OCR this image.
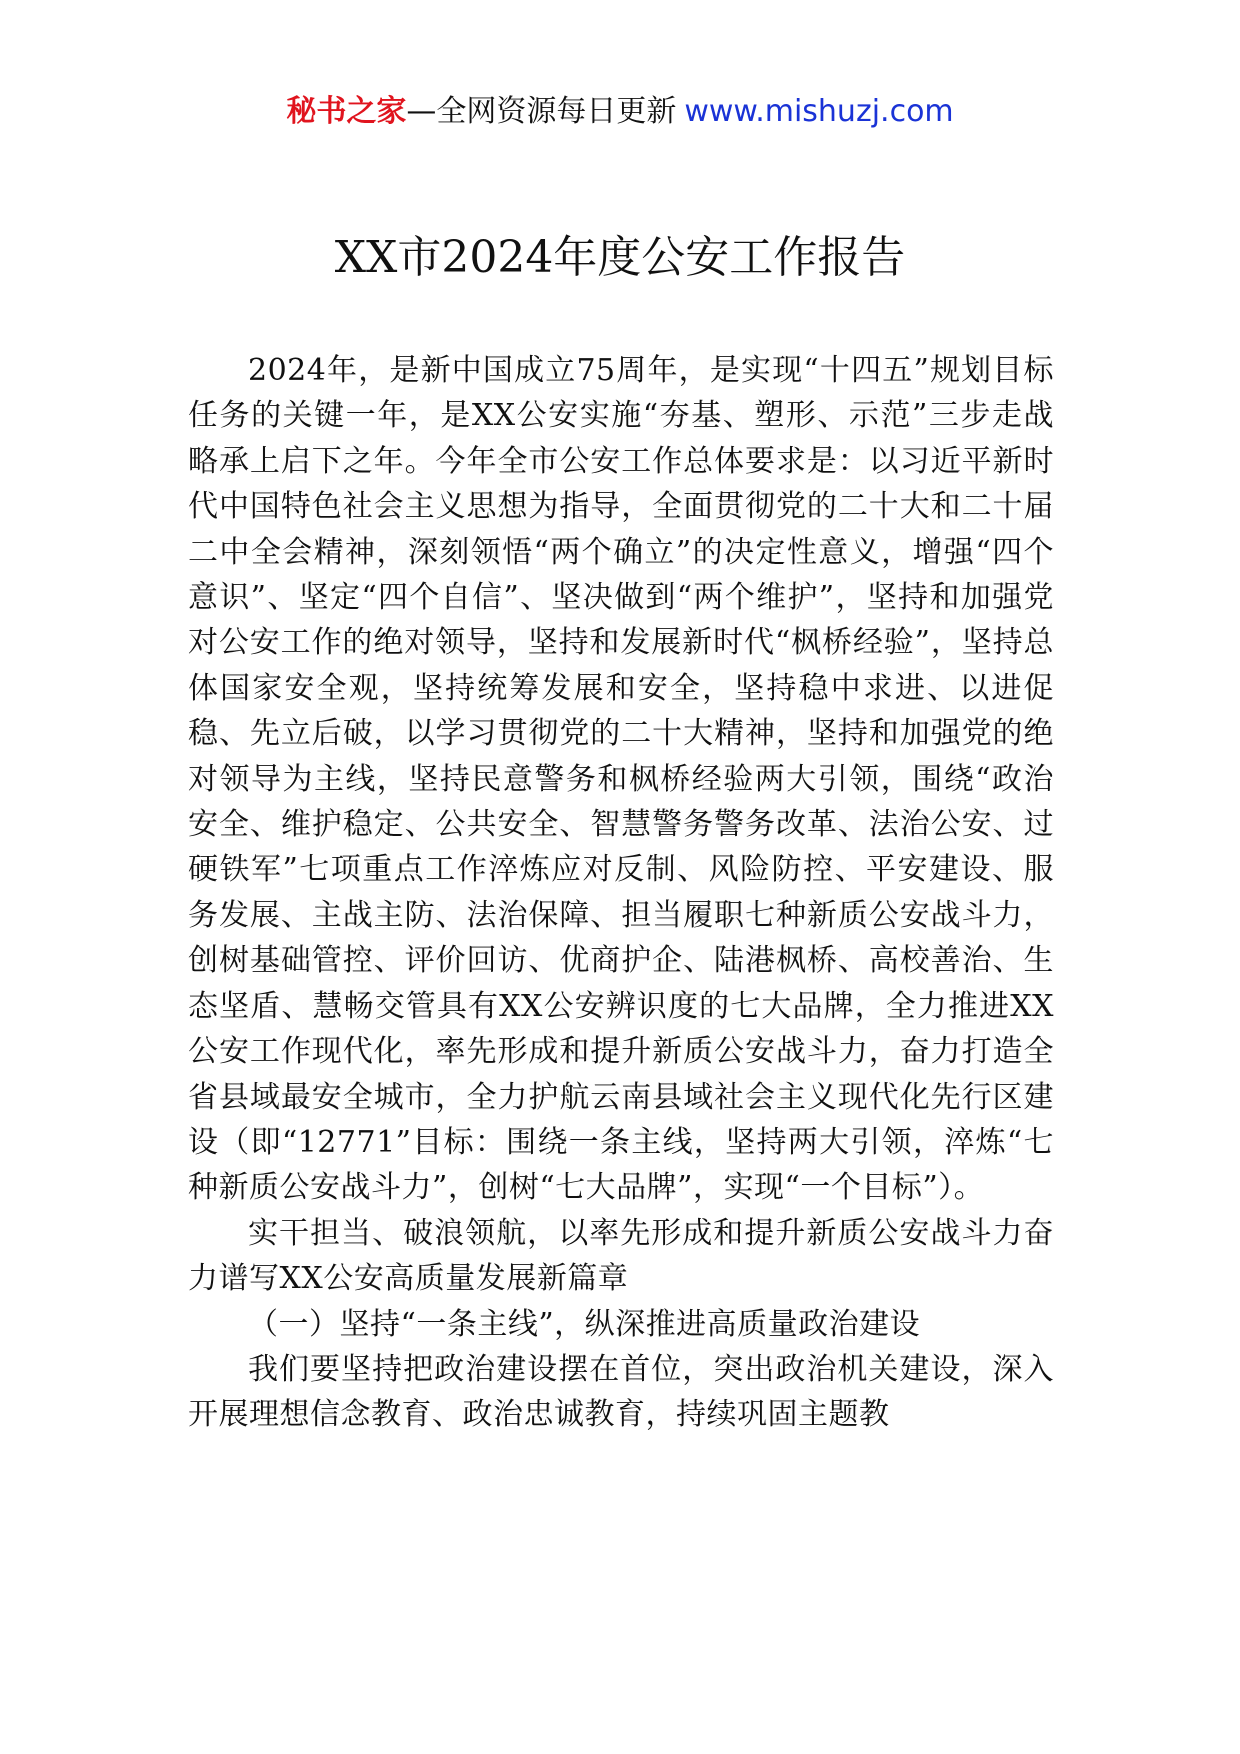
秘书之家—全网资源每日更新 www.mishuzj.com
XX市2024年度公安工作报告

2024年，是新中国成立75周年，是实现“十四五”规划目标任务的关键一年，是XX公安实施“夯基、塑形、示范”三步走战略承上启下之年。今年全市公安工作总体要求是：以习近平新时代中国特色社会主义思想为指导，全面贯彻党的二十大和二十届二中全会精神，深刻领悟“两个确立”的决定性意义，增强“四个意识”、坚定“四个自信”、坚决做到“两个维护”，坚持和加强党对公安工作的绝对领导，坚持和发展新时代“枫桥经验”，坚持总体国家安全观，坚持统筹发展和安全，坚持稳中求进、以进促稳、先立后破，以学习贯彻党的二十大精神，坚持和加强党的绝对领导为主线，坚持民意警务和枫桥经验两大引领，围绕“政治安全、维护稳定、公共安全、智慧警务警务改革、法治公安、过硬铁军”七项重点工作淬炼应对反制、风险防控、平安建设、服务发展、主战主防、法治保障、担当履职七种新质公安战斗力，创树基础管控、评价回访、优商护企、陆港枫桥、高校善治、生态坚盾、慧畅交管具有XX公安辨识度的七大品牌，全力推进XX公安工作现代化，率先形成和提升新质公安战斗力，奋力打造全省县域最安全城市，全力护航云南县域社会主义现代化先行区建设（即“12771”目标：围绕一条主线，坚持两大引领，淬炼“七种新质公安战斗力”，创树“七大品牌”，实现“一个目标”）。

实干担当、破浪领航，以率先形成和提升新质公安战斗力奋力谱写XX公安高质量发展新篇章

（一）坚持“一条主线”，纵深推进高质量政治建设

我们要坚持把政治建设摆在首位，突出政治机关建设，深入开展理想信念教育、政治忠诚教育，持续巩固主题教
